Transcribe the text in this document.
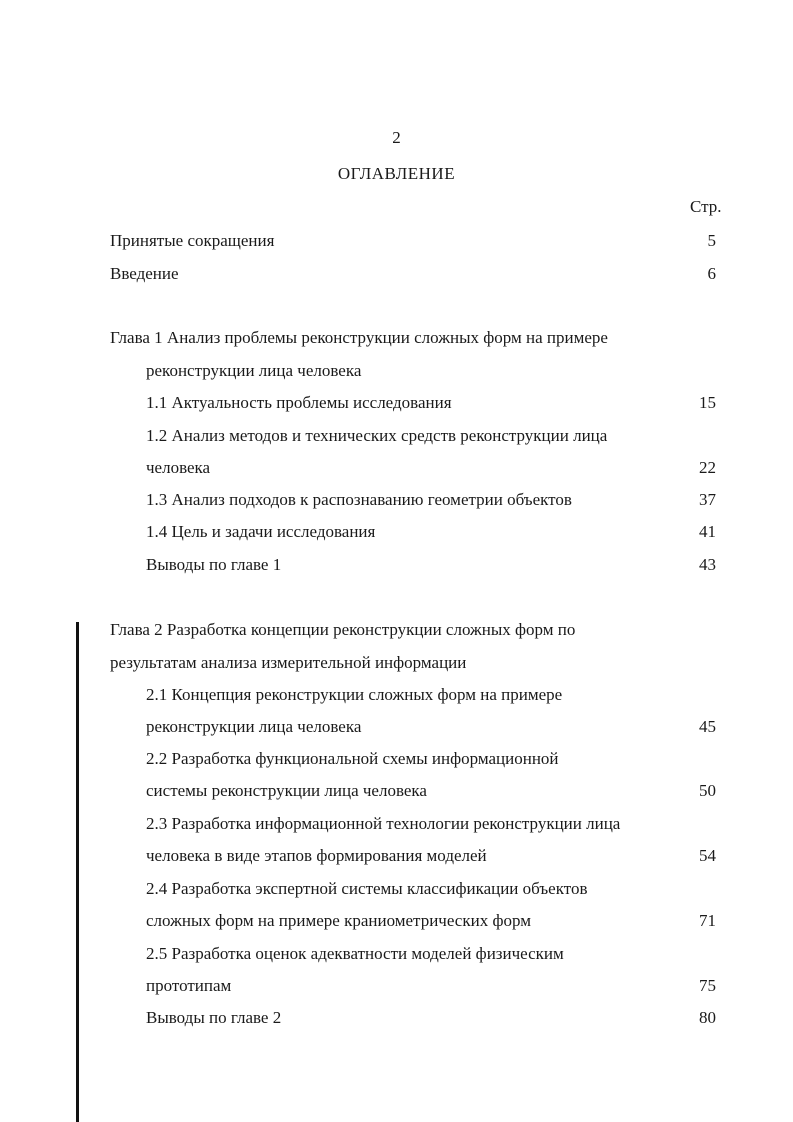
2
ОГЛАВЛЕНИЕ
Стр.
Принятые сокращения	5
Введение	6
Глава 1 Анализ проблемы реконструкции сложных форм на примере
реконструкции лица человека
1.1 Актуальность проблемы исследования	15
1.2 Анализ методов и технических средств реконструкции лица
человека	22
1.3 Анализ подходов к распознаванию геометрии объектов	37
1.4 Цель и задачи исследования	41
Выводы по главе 1	43
Глава 2 Разработка концепции реконструкции сложных форм по
результатам анализа измерительной информации
2.1 Концепция реконструкции сложных форм на примере
реконструкции лица человека	45
2.2 Разработка функциональной схемы информационной
системы реконструкции лица человека	50
2.3 Разработка информационной технологии реконструкции лица
человека в виде этапов формирования моделей	54
2.4 Разработка экспертной системы классификации объектов
сложных форм на примере краниометрических форм	71
2.5 Разработка оценок адекватности моделей физическим
прототипам	75
Выводы по главе 2	80
